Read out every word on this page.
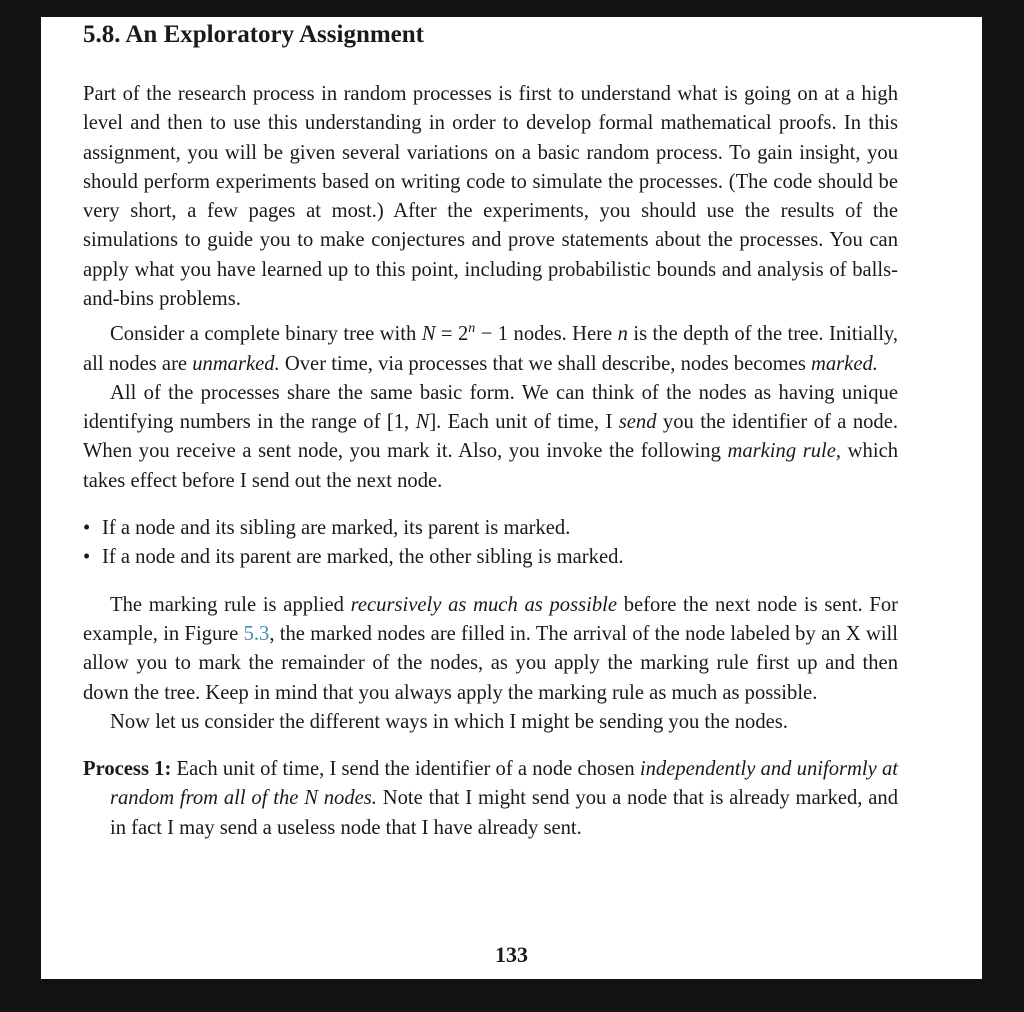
5.8. An Exploratory Assignment

Part of the research process in random processes is first to understand what is going on at a high level and then to use this understanding in order to develop formal mathematical proofs. In this assignment, you will be given several variations on a basic random process. To gain insight, you should perform experiments based on writing code to simulate the processes. (The code should be very short, a few pages at most.) After the experiments, you should use the results of the simulations to guide you to make conjectures and prove statements about the processes. You can apply what you have learned up to this point, including probabilistic bounds and analysis of balls-and-bins problems.

Consider a complete binary tree with $N = 2^n - 1$ nodes. Here n is the depth of the tree. Initially, all nodes are unmarked. Over time, via processes that we shall describe, nodes becomes marked.

All of the processes share the same basic form. We can think of the nodes as having unique identifying numbers in the range of [1, N]. Each unit of time, I send you the identifier of a node. When you receive a sent node, you mark it. Also, you invoke the following marking rule, which takes effect before I send out the next node.

• If a node and its sibling are marked, its parent is marked.
• If a node and its parent are marked, the other sibling is marked.

The marking rule is applied recursively as much as possible before the next node is sent. For example, in Figure 5.3, the marked nodes are filled in. The arrival of the node labeled by an X will allow you to mark the remainder of the nodes, as you apply the marking rule first up and then down the tree. Keep in mind that you always apply the marking rule as much as possible.

Now let us consider the different ways in which I might be sending you the nodes.

Process 1: Each unit of time, I send the identifier of a node chosen independently and uniformly at random from all of the N nodes. Note that I might send you a node that is already marked, and in fact I may send a useless node that I have already sent.

133
